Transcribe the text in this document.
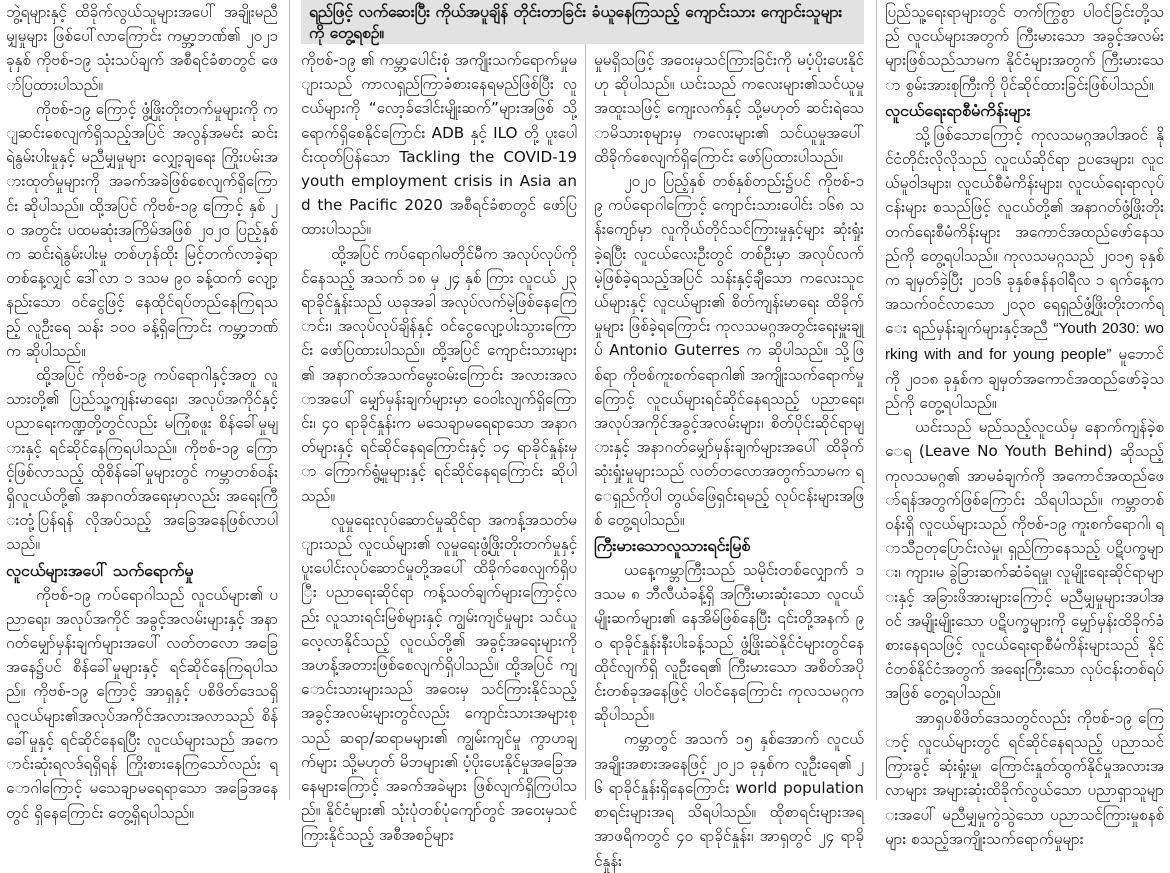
ဘွဲ့ရများနှင့် ထိခိုက်လွယ်သူများအပေါ် အချိုးမညီမျှမှုများ ဖြစ်ပေါ်လာကြောင်း ကမ္ဘာ့ဘဏ်၏ ၂၀၂၁ ခုနှစ် ကိုဗစ်-၁၉ သုံးသပ်ချက် အစီရင်ခံစာတွင် ဖော်ပြထားပါသည်။

ကိုဗစ်-၁၉ ကြောင့် ဖွံ့ဖြိုးတိုးတက်မှုများကို ကျဆင်းစေလျက်ရှိသည့်အပြင် အလွန်အမင်း ဆင်းရဲနွမ်းပါးမှုနှင့် မညီမျှမှုများ လျှော့ချရေး ကြိုးပမ်းအားထုတ်မှုများကို အခက်အခဲဖြစ်စေလျက်ရှိကြောင်း ဆိုပါသည်။ ထို့အပြင် ကိုဗစ်-၁၉ ကြောင့် နှစ် ၂၀ အတွင်း ပထမဆုံးအကြိမ်အဖြစ် ၂၀၂၀ ပြည့်နှစ်က ဆင်းရဲနွမ်းပါးမှု တစ်ဟုန်ထိုး မြင့်တက်လာခဲ့ရာ တစ်နေ့လျှင် ဒေါ်လာ ၁ ဒသမ ၉၀ ခန့်ထက် လျော့နည်းသော ဝင်ငွေဖြင့် နေထိုင်ရပ်တည်နေကြရသည့် လူဦးရေ သန်း ၁၀၀ ခန့်ရှိကြောင်း ကမ္ဘာ့ဘဏ်က ဆိုပါသည်။

ထို့အပြင် ကိုဗစ်-၁၉ ကပ်ရောဂါနှင့်အတူ လူသားတို့၏ ပြည်သူ့ကျန်းမာရေး၊ အလုပ်အကိုင်နှင့် ပညာရေးကဏ္ဍတို့တွင်လည်း မကြုံစဖူး စိန်ခေါ်မှုများနှင့် ရင်ဆိုင်နေကြရပါသည်။ ကိုဗစ်-၁၉ ကြောင့်ဖြစ်လာသည့် ထိုစိန်ခေါ်မှုများတွင် ကမ္ဘာတစ်ဝန်းရှိလူငယ်တို့၏ အနာဂတ်အရေးမှာလည်း အရေးကြီးတုံ့ပြန်ရန် လိုအပ်သည့် အခြေအနေဖြစ်လာပါသည်။

လူငယ်များအပေါ် သက်ရောက်မှု

ကိုဗစ်-၁၉ ကပ်ရောဂါသည် လူငယ်များ၏ ပညာရေး၊ အလုပ်အကိုင် အခွင့်အလမ်းများနှင့် အနာဂတ်မျှော်မှန်းချက်များအပေါ် လတ်တလော အခြေအနေ၌ပင် စိန်ခေါ်မှုများနှင့် ရင်ဆိုင်နေကြရပါသည်။ ကိုဗစ်-၁၉ ကြောင့် အာရှနှင့် ပစိဖိတ်ဒေသရှိ လူငယ်များ၏အလုပ်အကိုင်အလားအလာသည် စိန်ခေါ်မှုနှင့် ရင်ဆိုင်နေရပြီး လူငယ်များသည် အကောင်းဆုံးရလဒ်ရရှိရန် ကြိုးစားနေကြသော်လည်း ရောဂါကြောင့် မသေချာမရေရာသော အခြေအနေတွင် ရှိနေကြောင်း တွေ့ရှိရပါသည်။

ရည်ဖြင့် လက်ဆေးပြီး ကိုယ်အပူချိန် တိုင်းတာခြင်း ခံယူနေကြသည့် ကျောင်းသား ကျောင်းသူများကို တွေ့ရစဉ်။

ကိုဗစ်-၁၉ ၏ ကမ္ဘာ့ပေါင်းစုံ အကျိုးသက်ရောက်မှုများသည် ကာလရှည်ကြာခံစားနေရမည်ဖြစ်ပြီး လူငယ်များကို “လော့ခ်ဒေါင်းမျိုးဆက်”များအဖြစ် သို့ ရောက်ရှိစေနိုင်ကြောင်း ADB နှင့် ILO တို့ ပူးပေါင်းထုတ်ပြန်သော Tackling the COVID-19 youth employment crisis in Asia and the Pacific 2020 အစီရင်ခံစာတွင် ဖော်ပြထားပါသည်။

ထို့အပြင် ကပ်ရောဂါမတိုင်မီက အလုပ်လုပ်ကိုင်နေသည့် အသက် ၁၈ မှ ၂၄ နှစ် ကြား လူငယ် ၂၃ ရာခိုင်နှုန်းသည် ယခုအခါ အလုပ်လက်မဲ့ဖြစ်နေကြောင်း၊ အလုပ်လုပ်ချိန်နှင့် ဝင်ငွေလျော့ပါးသွားကြောင်း ဖော်ပြထားပါသည်။ ထို့အပြင် ကျောင်းသားများ၏ အနာဂတ်အသက်မွေးဝမ်းကြောင်း အလားအလာအပေါ် မျှော်မှန်းချက်များမှာ ဝေဝါးလျက်ရှိကြောင်း၊ ၄၀ ရာခိုင်နှုန်းက မသေချာမရေရာသော အနာဂတ်များနှင့် ရင်ဆိုင်နေရကြောင်းနှင့် ၁၄ ရာခိုင်နှုန်းမှာ ကြောက်ရွံ့မှုများနှင့် ရင်ဆိုင်နေရကြောင်း ဆိုပါသည်။

လူမှုရေးလုပ်ဆောင်မှုဆိုင်ရာ အကန့်အသတ်များသည် လူငယ်များ၏ လူမှုရေးဖွံ့ဖြိုးတိုးတက်မှုနှင့် ပူးပေါင်းလုပ်ဆောင်မှုတို့အပေါ် ထိခိုက်စေလျက်ရှိပြီး ပညာရေးဆိုင်ရာ ကန့်သတ်ချက်များကြောင့်လည်း လူသားရင်းမြစ်များနှင့် ကျွမ်းကျင်မှုများ သင်ယူလေ့လာနိုင်သည့် လူငယ်တို့၏ အခွင့်အရေးများကို အဟန့်အတားဖြစ်စေလျက်ရှိပါသည်။ ထို့အပြင် ကျောင်းသားများသည် အဝေးမှ သင်ကြားနိုင်သည့် အခွင့်အလမ်းများတွင်လည်း ကျောင်းသားအများစုသည် ဆရာ/ဆရာမများ၏ ကျွမ်းကျင်မှု ကွာဟချက်များ သို့မဟုတ် မိဘများ၏ ပံ့ပိုးပေးနိုင်မှုအခြေအနေများကြောင့် အခက်အခဲများ ဖြစ်လျက်ရှိကြပါသည်။ နိုင်ငံများ၏ သုံးပုံတစ်ပုံကျော်တွင် အဝေးမှသင်ကြားနိုင်သည့် အစီအစဉ်များ

မှုမရှိသဖြင့် အဝေးမှသင်ကြားခြင်းကို မပံ့ပိုးပေးနိုင်ဟု ဆိုပါသည်။ ယင်းသည် ကလေးများ၏သင်ယူမှု အထူးသဖြင့် ကျေးလက်နှင့် သို့မဟုတ် ဆင်းရဲသောမိသားစုများမှ ကလေးများ၏ သင်ယူမှုအပေါ် ထိခိုက်စေလျက်ရှိကြောင်း ဖော်ပြထားပါသည်။

၂၀၂၀ ပြည့်နှစ် တစ်နှစ်တည်း၌ပင် ကိုဗစ်-၁၉ ကပ်ရောဂါကြောင့် ကျောင်းသားပေါင်း ၁၆၈ သန်းကျော်မှာ လူကိုယ်တိုင်သင်ကြားမှုနှင့်များ ဆုံးရှုံးခဲ့ရပြီး လူငယ်လေးဦးတွင် တစ်ဦးမှာ အလုပ်လက်မဲ့ဖြစ်ခဲ့ရသည့်အပြင် သန်းနှင့်ချီသော ကလေးသူငယ်များနှင့် လူငယ်များ၏ စိတ်ကျန်းမာရေး ထိခိုက်မှုများ ဖြစ်ခဲ့ရကြောင်း ကုလသမဂ္ဂအတွင်းရေးမှူးချုပ် Antonio Guterres က ဆိုပါသည်။ သို့ဖြစ်ရာ ကိုဗစ်ကူးစက်ရောဂါ၏ အကျိုးသက်ရောက်မှုကြောင့် လူငယ်များရင်ဆိုင်နေရသည့် ပညာရေး၊ အလုပ်အကိုင်အခွင့်အလမ်းများ၊ စိတ်ပိုင်းဆိုင်ရာများနှင့် အနာဂတ်မျှော်မှန်းချက်များအပေါ် ထိခိုက်ဆုံးရှုံးမှုများသည် လတ်တလောအတွက်သာမက ရေရှည်ကိုပါ တွယ်ဖြေရှင်းရမည့် လုပ်ငန်းများအဖြစ် တွေ့ရပါသည်။

ကြီးမားသောလူသားရင်းမြစ်

ယနေ့ကမ္ဘာကြီးသည် သမိုင်းတစ်လျှောက် ၁ ဒသမ ၈ ဘီလီယံခန့်ရှိ အကြီးမားဆုံးသော လူငယ်မျိုးဆက်များ၏ နေအိမ်ဖြစ်နေပြီး ၎င်းတို့အနက် ၉၀ ရာခိုင်နှုန်းနီးပါးခန့်သည် ဖွံ့ဖြိုးဆဲနိုင်ငံများတွင်နေထိုင်လျက်ရှိ လူဦးရေ၏ ကြီးမားသော အစိတ်အပိုင်းတစ်ခုအနေဖြင့် ပါဝင်နေကြောင်း ကုလသမဂ္ဂက ဆိုပါသည်။

ကမ္ဘာတွင် အသက် ၁၅ နှစ်အောက် လူငယ်အချိုးအစားအနေဖြင့် ၂၀၂၁ ခုနှစ်က လူဦးရေ၏ ၂၆ ရာခိုင်နှုန်းရှိနေကြောင်း world population စာရင်းများအရ သိရပါသည်။ ထိုစာရင်းများအရ အာဖရိကတွင် ၄၀ ရာခိုင်နှုန်း၊ အာရှတွင် ၂၄ ရာခိုင်နှုန်း

ပြည်သူ့ရေးရာများတွင် တက်ကြွစွာ ပါဝင်ခြင်းတို့သည် လူငယ်များအတွက် ကြီးမားသော အခွင့်အလမ်းများဖြစ်သည်သာမက နိုင်ငံများအတွက် ကြီးမားသော စွမ်းအားစုကြီးကို ပိုင်ဆိုင်ထားခြင်းဖြစ်ပါသည်။

လူငယ်ရေးရာစီမံကိန်းများ

သို့ဖြစ်သောကြောင့် ကုလသမဂ္ဂအပါအဝင် နိုင်ငံတိုင်းလိုလိုသည် လူငယ်ဆိုင်ရာ ဥပဒေများ၊ လူငယ်မူဝါဒများ၊ လူငယ်စီမံကိန်းများ၊ လူငယ်ရေးရာလုပ်ငန်းများ စသည်ဖြင့် လူငယ်တို့၏ အနာဂတ်ဖွံ့ဖြိုးတိုးတက်ရေးစီမံကိန်းများ အကောင်အထည်ဖော်နေသည်ကို တွေ့ရပါသည်။ ကုလသမဂ္ဂသည် ၂၀၁၅ ခုနှစ်က ချမှတ်ခဲ့ပြီး ၂၀၁၆ ခုနှစ်ဇန်နဝါရီလ ၁ ရက်နေ့က အသက်ဝင်လာသော ၂၀၃၀ ရေရှည်ဖွံ့ဖြိုးတိုးတက်ရေး ရည်မှန်းချက်များနှင့်အညီ “Youth 2030: working with and for young people” မူဘောင်ကို ၂၀၁၈ ခုနှစ်က ချမှတ်အကောင်အထည်ဖော်ခဲ့သည်ကို တွေ့ရပါသည်။

ယင်းသည် မည်သည့်လူငယ်မှ နောက်ကျန်ခဲ့စေရ (Leave No Youth Behind) ဆိုသည့် ကုလသမဂ္ဂ၏ အာမခံချက်ကို အကောင်အထည်ဖော်ရန်အတွက်ဖြစ်ကြောင်း သိရပါသည်။ ကမ္ဘာတစ်ဝန်းရှိ လူငယ်များသည် ကိုဗစ်-၁၉ ကူးစက်ရောဂါ၊ ရာသီဥတုပြောင်းလဲမှု၊ ရှည်ကြာနေသည့် ပဋိပက္ခများ၊ ကျား၊မ ခွဲခြားဆက်ဆံခံရမှု၊ လူမျိုးရေးဆိုင်ရာများနှင့် အခြားဖိအားများကြောင့် မညီမျှမှုများအပါအဝင် အမျိုးမျိုးသော ပဋိပက္ခများကို မျှော်မှန်းထိခိုက်ခံစားနေရသဖြင့် လူငယ်ရေးရာစီမံကိန်းများသည် နိုင်ငံတစ်နိုင်ငံအတွက် အရေးကြီးသော လုပ်ငန်းတစ်ရပ်အဖြစ် တွေ့ရပါသည်။

အာရှပစိဖိတ်ဒေသတွင်လည်း ကိုဗစ်-၁၉ ကြောင့် လူငယ်များတွင် ရင်ဆိုင်နေရသည့် ပညာသင်ကြားခွင့် ဆုံးရှုံးမှု၊ ကြောင်းနှုတ်ထွက်နိုင်မှုအလားအလာများ အများဆုံးထိခိုက်လွယ်သော ပညာရှာသူများအပေါ် မညီမျှမှုကွဲသွဲသော ပညာသင်ကြားမှုစနစ်များ စသည့်အကျိုးသက်ရောက်မှုများ
